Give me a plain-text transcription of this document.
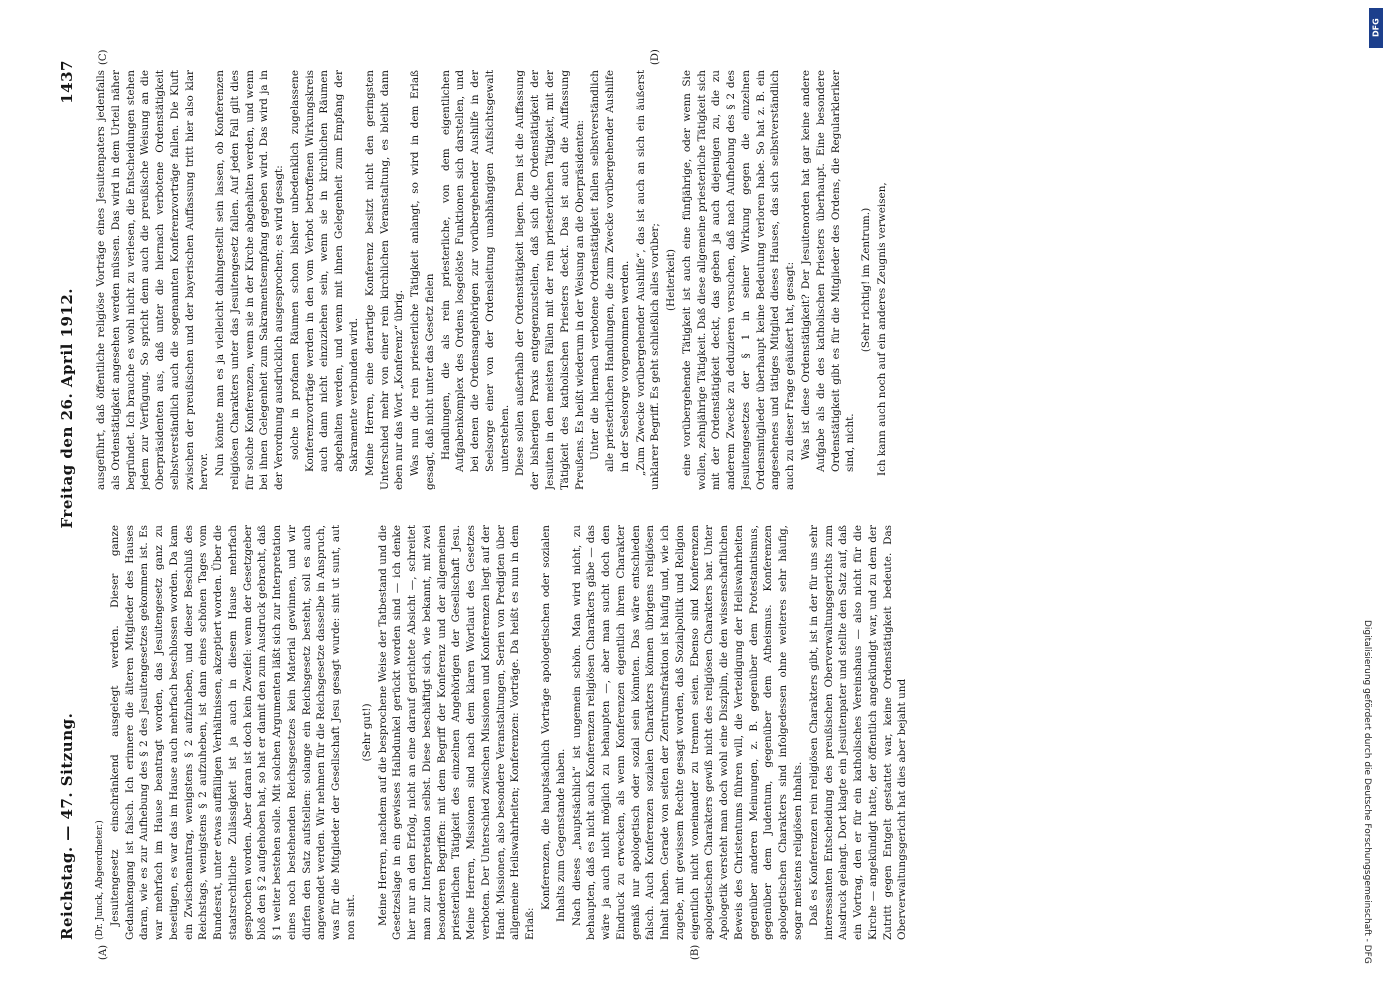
Reichstag. — 47. Sitzung.
Freitag den 26. April 1912.
1437
(A)	(B)
(C)	(D)

(Dr. Junck, Abgeordneter.) Jesuitengesetz einschränkend ausgelegt werden. Dieser ganze Gedankengang ist falsch. Ich erinnere die älteren Mitglieder des Hauses daran, wie es zur Aufhebung des § 2 des Jesuitengesetzes gekommen ist. Es war mehrfach im Hause beantragt worden, das Jesuitengesetz ganz zu beseitigen, es war das im Hause auch mehrfach beschlossen worden. Da kam ein Zwischenantrag, wenigstens § 2 aufzuheben, und dieser Beschluß des Reichstags, wenigstens § 2 aufzuheben, ist dann eines schönen Tages vom Bundesrat, unter etwas auffälligen Verhältnissen, akzeptiert worden. Über die staatsrechtliche Zulässigkeit ist ja auch in diesem Hause mehrfach gesprochen worden. Aber daran ist doch kein Zweifel: wenn der Gesetzgeber bloß den § 2 aufgehoben hat, so hat er damit den zum Ausdruck gebracht, daß § 1 weiter bestehen solle. Mit solchen Argumenten läßt sich zur Interpretation eines noch bestehenden Reichsgesetzes kein Material gewinnen, und wir dürfen den Satz aufstellen: solange ein Reichsgesetz besteht, soll es auch angewendet werden. Wir nehmen für die Reichsgesetze dasselbe in Anspruch, was für die Mitglieder der Gesellschaft Jesu gesagt wurde: sint ut sunt, aut non sint.

(Sehr gut!) Meine Herren, nachdem auf die besprochene Weise der Tatbestand und die Gesetzeslage in ein gewisses Halbdunkel gerückt worden sind — ich denke hier nur an den Erfolg, nicht an eine darauf gerichtete Absicht —, schreitet man zur Interpretation selbst. Diese beschäftigt sich, wie bekannt, mit zwei besonderen Begriffen: mit dem Begriff der Konferenz und der allgemeinen priesterlichen Tätigkeit des einzelnen Angehörigen der Gesellschaft Jesu. Meine Herren, Missionen sind nach dem klaren Wortlaut des Gesetzes verboten. Der Unterschied zwischen Missionen und Konferenzen liegt auf der Hand: Missionen, also besondere Veranstaltungen, Serien von Predigten über allgemeine Heilswahrheiten; Konferenzen: Vorträge. Da heißt es nun in dem Erlaß:

Konferenzen, die hauptsächlich Vorträge apologetischen oder sozialen Inhalts zum Gegenstande haben. Nach dieses „hauptsächlich“ ist ungemein schön. Man wird nicht, zu behaupten, daß es nicht auch Konferenzen religiösen Charakters gäbe — das wäre ja auch nicht möglich zu behaupten —, aber man sucht doch den Eindruck zu erwecken, als wenn Konferenzen eigentlich ihrem Charakter gemäß nur apologetisch oder sozial sein könnten. Das wäre entschieden falsch. Auch Konferenzen sozialen Charakters können übrigens religiösen Inhalt haben. Gerade von seiten der Zentrumsfraktion ist häufig und, wie ich zugebe, mit gewissem Rechte gesagt worden, daß Sozialpolitik und Religion eigentlich nicht voneinander zu trennen seien. Ebenso sind Konferenzen apologetischen Charakters gewiß nicht des religiösen Charakters bar. Unter Apologetik versteht man doch wohl eine Disziplin, die den wissenschaftlichen Beweis des Christentums führen will, die Verteidigung der Heilswahrheiten gegenüber anderen Meinungen, z. B. gegenüber dem Protestantismus, gegenüber dem Judentum, gegenüber dem Atheismus. Konferenzen apologetischen Charakters sind infolgedessen ohne weiteres sehr häufig, sogar meistens religiösen Inhalts. Daß es Konferenzen rein religiösen Charakters gibt, ist in der für uns sehr interessanten Entscheidung des preußischen Oberverwaltungsgerichts zum Ausdruck gelangt. Dort klagte ein Jesuitenpater und stellte den Satz auf, daß ein Vortrag, den er für ein katholisches Vereinshaus — also nicht für die Kirche — angekündigt hatte, der öffentlich angekündigt war, und zu dem der Zutritt gegen Entgelt gestattet war, keine Ordenstätigkeit bedeute. Das Oberverwaltungsgericht hat dies aber bejaht und

ausgeführt, daß öffentliche religiöse Vorträge eines Jesuitenpaters jedenfalls als Ordenstätigkeit angesehen werden müssen. Das wird in dem Urteil näher begründet. Ich brauche es wohl nicht zu verlesen, die Entscheidungen stehen jedem zur Verfügung. So spricht denn auch die preußische Weisung an die Oberpräsidenten aus, daß unter die hiernach verbotene Ordenstätigkeit selbstverständlich auch die sogenannten Konferenzvorträge fallen. Die Kluft zwischen der preußischen und der bayerischen Auffassung tritt hier also klar hervor. Nun könnte man es ja vielleicht dahingestellt sein lassen, ob Konferenzen religiösen Charakters unter das Jesuitengesetz fallen. Auf jeden Fall gilt dies für solche Konferenzen, wenn sie in der Kirche abgehalten werden, und wenn bei ihnen Gelegenheit zum Sakramentsempfang gegeben wird. Das wird ja in der Verordnung ausdrücklich ausgesprochen; es wird gesagt: solche in profanen Räumen schon bisher unbedenklich zugelassene Konferenzvorträge werden in den vom Verbot betroffenen Wirkungskreis auch dann nicht einzuziehen sein, wenn sie in kirchlichen Räumen abgehalten werden, und wenn mit ihnen Gelegenheit zum Empfang der Sakramente verbunden wird. Meine Herren, eine derartige Konferenz besitzt nicht den geringsten Unterschied mehr von einer rein kirchlichen Veranstaltung, es bleibt dann eben nur das Wort „Konferenz“ übrig. Was nun die rein priesterliche Tätigkeit anlangt, so wird in dem Erlaß gesagt, daß nicht unter das Gesetz fielen Handlungen, die als rein priesterliche, von dem eigentlichen Aufgabenkomplex des Ordens losgelöste Funktionen sich darstellen, und bei denen die Ordensangehörigen zur vorübergehender Aushilfe in der Seelsorge einer von der Ordensleitung unabhängigen Aufsichtsgewalt unterstehen. Diese sollen außerhalb der Ordenstätigkeit liegen. Dem ist die Auffassung der bisherigen Praxis entgegenzustellen, daß sich die Ordenstätigkeit der Jesuiten in den meisten Fällen mit der rein priesterlichen Tätigkeit, mit der Tätigkeit des katholischen Priesters deckt. Das ist auch die Auffassung Preußens. Es heißt wiederum in der Weisung an die Oberpräsidenten: Unter die hiernach verbotene Ordenstätigkeit fallen selbstverständlich alle priesterlichen Handlungen, die zum Zwecke vorübergehender Aushilfe in der Seelsorge vorgenommen werden. „Zum Zwecke vorübergehender Aushilfe“, das ist auch an sich ein äußerst unklarer Begriff. Es geht schließlich alles vorüber; (Heiterkeit) eine vorübergehende Tätigkeit ist auch eine fünfjährige, oder wenn Sie wollen, zehnjährige Tätigkeit. Daß diese allgemeine priesterliche Tätigkeit sich mit der Ordenstätigkeit deckt, das geben ja auch diejenigen zu, die zu anderem Zwecke zu deduzieren versuchen, daß nach Aufhebung des § 2 des Jesuitengesetzes der § 1 in seiner Wirkung gegen die einzelnen Ordensmitglieder überhaupt keine Bedeutung verloren habe. So hat z. B. ein angesehenes und tätiges Mitglied dieses Hauses, das sich selbstverständlich auch zu dieser Frage geäußert hat, gesagt: Was ist diese Ordenstätigkeit? Der Jesuitenorden hat gar keine andere Aufgabe als die des katholischen Priesters überhaupt. Eine besondere Ordenstätigkeit gibt es für die Mitglieder des Ordens, die Regularkleriker sind, nicht.

(Sehr richtig! im Zentrum.) Ich kann auch noch auf ein anderes Zeugnis verweisen,

DFG
Digitalisierung gefördert durch die Deutsche Forschungsgemeinschaft - DFG
